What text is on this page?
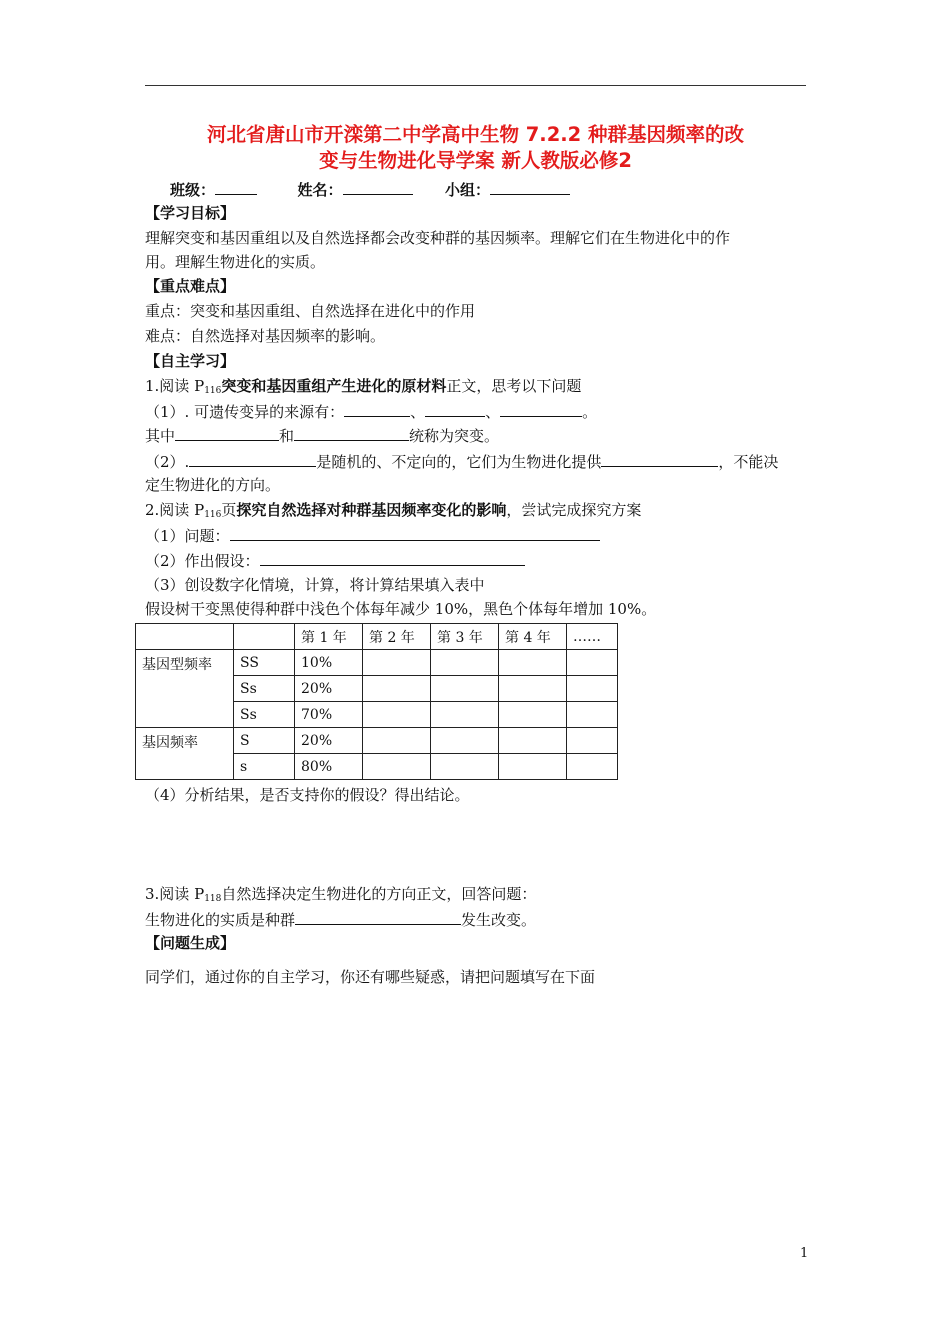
河北省唐山市开滦第二中学高中生物 7.2.2 种群基因频率的改
变与生物进化导学案 新人教版必修2
班级：	姓名：	小组：
【学习目标】
理解突变和基因重组以及自然选择都会改变种群的基因频率。理解它们在生物进化中的作
用。理解生物进化的实质。
【重点难点】
重点：突变和基因重组、自然选择在进化中的作用
难点：自然选择对基因频率的影响。
【自主学习】
1.阅读 $P_{116}$突变和基因重组产生进化的原材料正文，思考以下问题
（1）. 可遗传变异的来源有：	、	、	。
其中	和	统称为突变。
（2）.	是随机的、不定向的，它们为生物进化提供	，不能决
定生物进化的方向。
2.阅读 $P_{116}$页探究自然选择对种群基因频率变化的影响，尝试完成探究方案
（1）问题：
（2）作出假设：
（3）创设数字化情境，计算，将计算结果填入表中
假设树干变黑使得种群中浅色个体每年减少 10%，黑色个体每年增加 10%。
		第 1 年	第 2 年	第 3 年	第 4 年	……
基因型频率	SS	10%				
	Ss	20%				
	Ss	70%				
基因频率	S	20%				
	s	80%				
（4）分析结果，是否支持你的假设？得出结论。
3.阅读 $P_{118}$自然选择决定生物进化的方向正文，回答问题：
生物进化的实质是种群	发生改变。
【问题生成】
同学们，通过你的自主学习，你还有哪些疑惑，请把问题填写在下面
1
